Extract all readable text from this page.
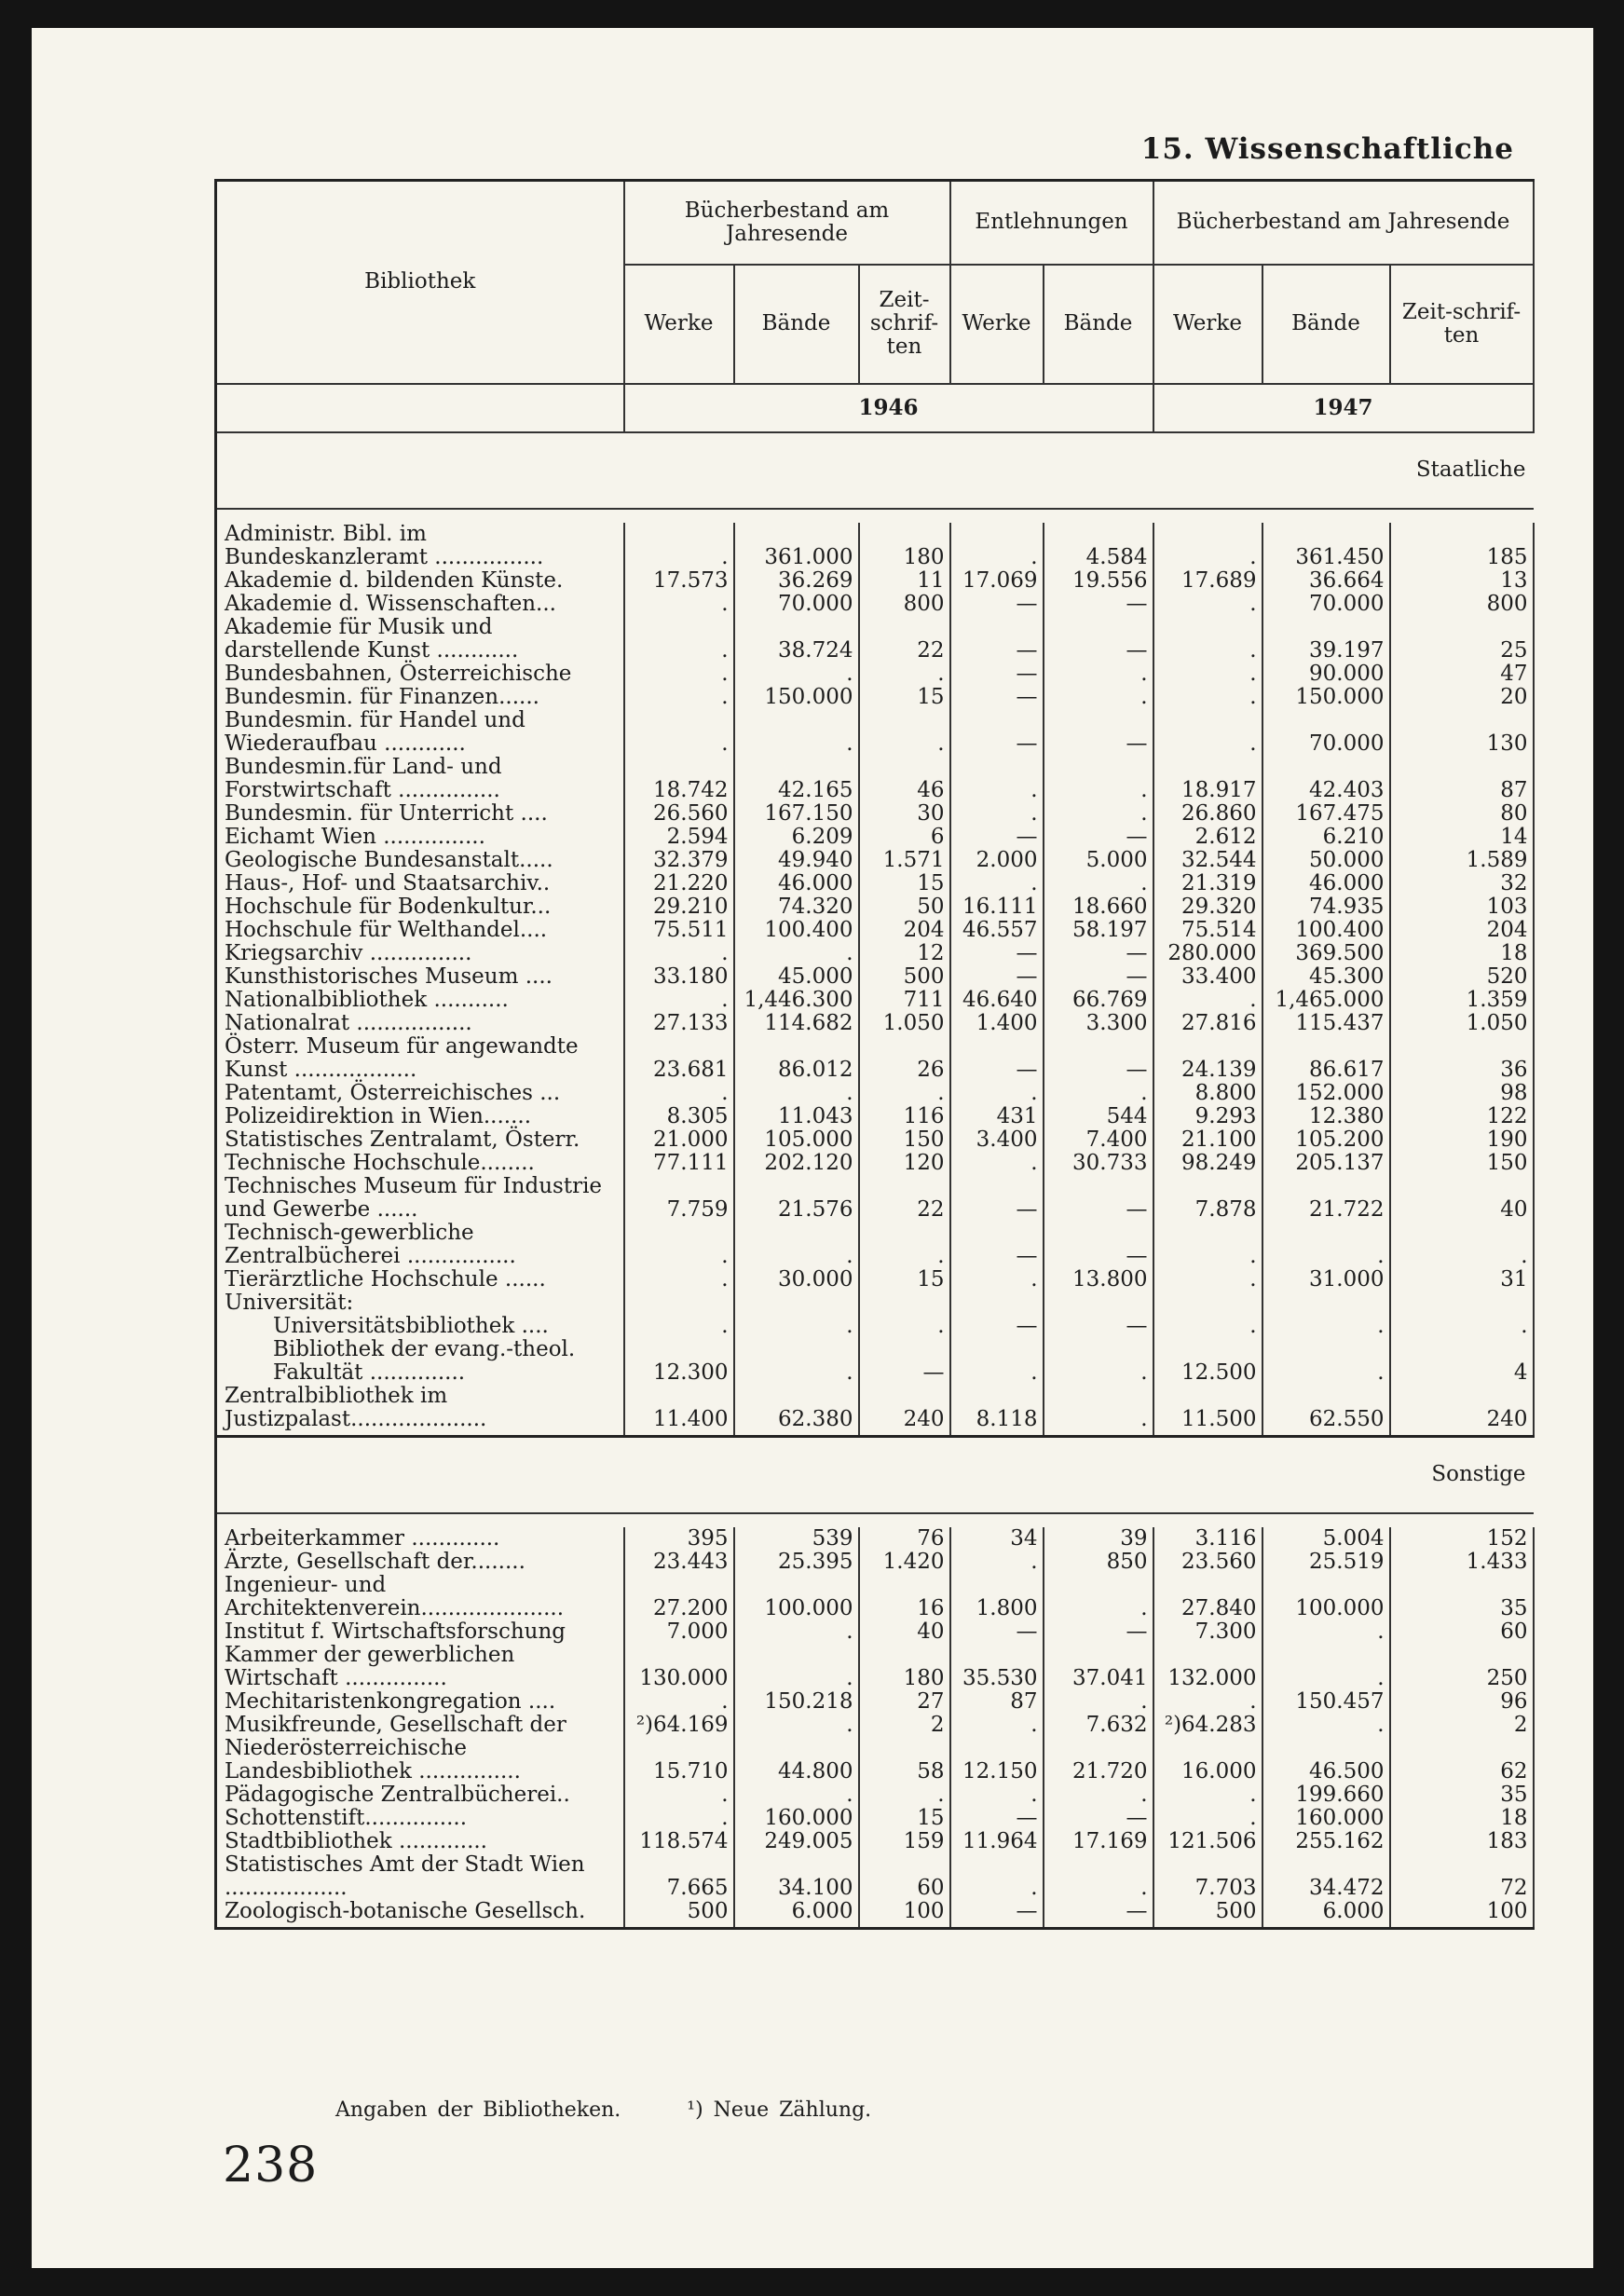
15. Wissenschaftliche
Bibliothek	Bücherbestand am Jahresende			Entlehnungen		Bücherbestand am Jahresende		
	Werke	Bände	Zeit-schrif-ten	Werke	Bände	Werke	Bände	Zeit-schrif-ten
	1946					1947		
Staatliche								

Administr. Bibl. im Bundeskanzleramt ................	.	361.000	180	.	4.584	.	361.450	185
Akademie d. bildenden Künste.	17.573	36.269	11	17.069	19.556	17.689	36.664	13
Akademie d. Wissenschaften...	.	70.000	800	—	—	.	70.000	800
Akademie für Musik und darstellende Kunst ............	.	38.724	22	—	—	.	39.197	25
Bundesbahnen, Österreichische	.	.	.	—	.	.	90.000	47
Bundesmin. für Finanzen......	.	150.000	15	—	.	.	150.000	20
Bundesmin. für Handel und Wiederaufbau ............	.	.	.	—	—	.	70.000	130
Bundesmin.für Land- und Forstwirtschaft ...............	18.742	42.165	46	.	.	18.917	42.403	87
Bundesmin. für Unterricht ....	26.560	167.150	30	.	.	26.860	167.475	80
Eichamt Wien ...............	2.594	6.209	6	—	—	2.612	6.210	14
Geologische Bundesanstalt.....	32.379	49.940	1.571	2.000	5.000	32.544	50.000	1.589
Haus-, Hof- und Staatsarchiv..	21.220	46.000	15	.	.	21.319	46.000	32
Hochschule für Bodenkultur...	29.210	74.320	50	16.111	18.660	29.320	74.935	103
Hochschule für Welthandel....	75.511	100.400	204	46.557	58.197	75.514	100.400	204
Kriegsarchiv ...............	.	.	12	—	—	280.000	369.500	18
Kunsthistorisches Museum ....	33.180	45.000	500	—	—	33.400	45.300	520
Nationalbibliothek ...........	.	1,446.300	711	46.640	66.769	.	1,465.000	1.359
Nationalrat .................	27.133	114.682	1.050	1.400	3.300	27.816	115.437	1.050
Österr. Museum für angewandte Kunst ..................	23.681	86.012	26	—	—	24.139	86.617	36
Patentamt, Österreichisches ...	.	.	.	.	.	8.800	152.000	98
Polizeidirektion in Wien.......	8.305	11.043	116	431	544	9.293	12.380	122
Statistisches Zentralamt, Österr.	21.000	105.000	150	3.400	7.400	21.100	105.200	190
Technische Hochschule........	77.111	202.120	120	.	30.733	98.249	205.137	150
Technisches Museum für Industrie und Gewerbe ......	7.759	21.576	22	—	—	7.878	21.722	40
Technisch-gewerbliche Zentralbücherei ................	.	.	.	—	—	.	.	.
Tierärztliche Hochschule ......	.	30.000	15	.	13.800	.	31.000	31
Universität:								
Universitätsbibliothek ....	.	.	.	—	—	.	.	.
Bibliothek der evang.-theol. Fakultät ..............	12.300	.	—	.	.	12.500	.	4
Zentralbibliothek im Justizpalast....................	11.400	62.380	240	8.118	.	11.500	62.550	240
Sonstige								

Arbeiterkammer .............	395	539	76	34	39	3.116	5.004	152
Ärzte, Gesellschaft der........	23.443	25.395	1.420	.	850	23.560	25.519	1.433
Ingenieur- und Architektenverein.....................	27.200	100.000	16	1.800	.	27.840	100.000	35
Institut f. Wirtschaftsforschung	7.000	.	40	—	—	7.300	.	60
Kammer der gewerblichen Wirtschaft ...............	130.000	.	180	35.530	37.041	132.000	.	250
Mechitaristenkongregation ....	.	150.218	27	87	.	.	150.457	96
Musikfreunde, Gesellschaft der	²)64.169	.	2	.	7.632	²)64.283	.	2
Niederösterreichische Landesbibliothek ...............	15.710	44.800	58	12.150	21.720	16.000	46.500	62
Pädagogische Zentralbücherei..	.	.	.	.	.	.	199.660	35
Schottenstift...............	.	160.000	15	—	—	.	160.000	18
Stadtbibliothek .............	118.574	249.005	159	11.964	17.169	121.506	255.162	183
Statistisches Amt der Stadt Wien ..................	7.665	34.100	60	.	.	7.703	34.472	72
Zoologisch-botanische Gesellsch.	500	6.000	100	—	—	500	6.000	100
Angaben der Bibliotheken.	¹) Neue Zählung.
238
